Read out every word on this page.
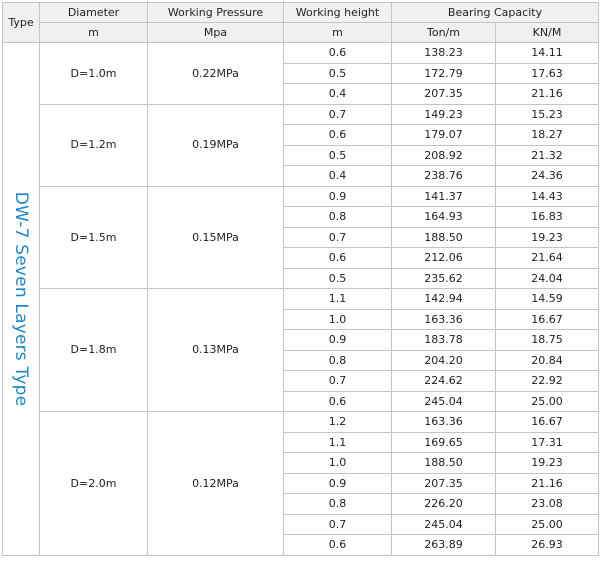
Type	Diameter	Working Pressure	Working height	Bearing Capacity	
	m	Mpa	m	Ton/m	KN/M

DW-7 Seven Layers Type	D=1.0m	0.22MPa	0.6	138.23	14.11
			0.5	172.79	17.63
			0.4	207.35	21.16
	D=1.2m	0.19MPa	0.7	149.23	15.23
			0.6	179.07	18.27
			0.5	208.92	21.32
			0.4	238.76	24.36
	D=1.5m	0.15MPa	0.9	141.37	14.43
			0.8	164.93	16.83
			0.7	188.50	19.23
			0.6	212.06	21.64
			0.5	235.62	24.04
	D=1.8m	0.13MPa	1.1	142.94	14.59
			1.0	163.36	16.67
			0.9	183.78	18.75
			0.8	204.20	20.84
			0.7	224.62	22.92
			0.6	245.04	25.00
	D=2.0m	0.12MPa	1.2	163.36	16.67
			1.1	169.65	17.31
			1.0	188.50	19.23
			0.9	207.35	21.16
			0.8	226.20	23.08
			0.7	245.04	25.00
			0.6	263.89	26.93
